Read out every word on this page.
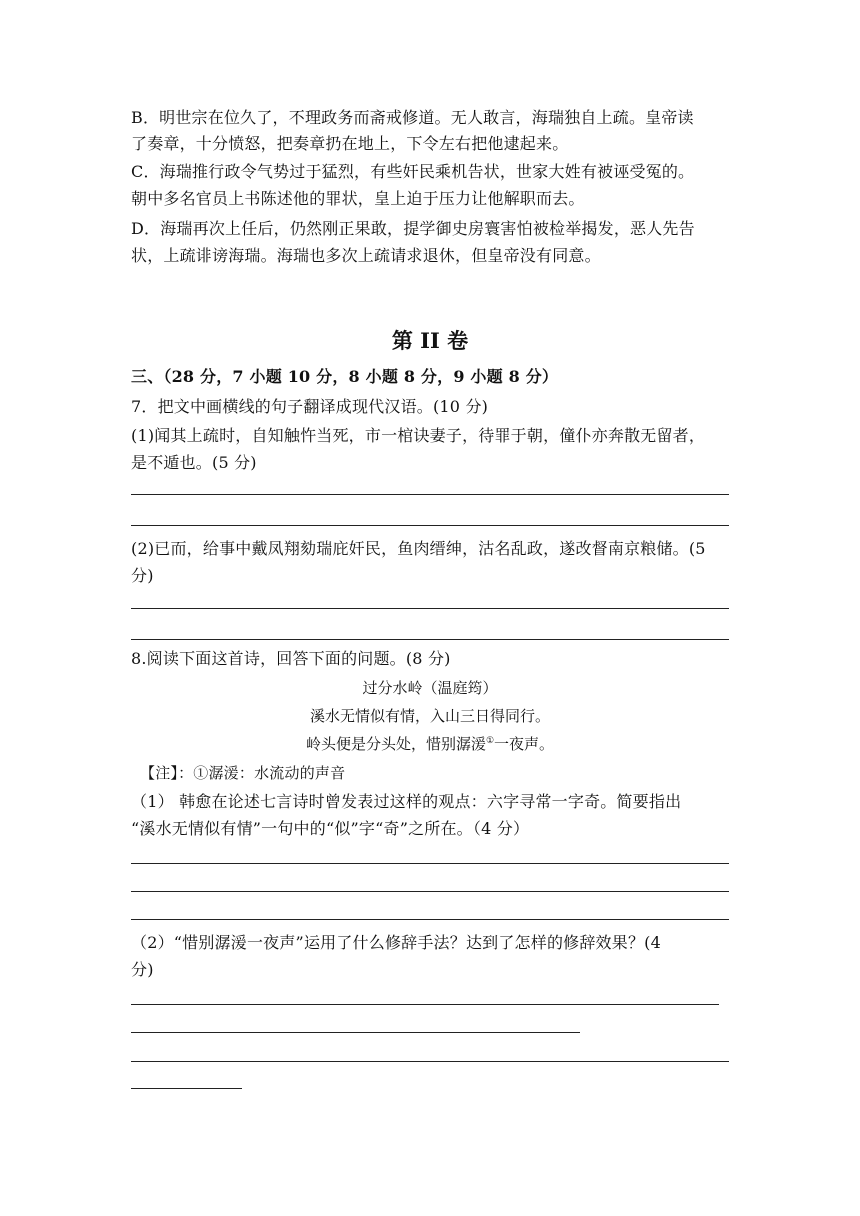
B．明世宗在位久了，不理政务而斋戒修道。无人敢言，海瑞独自上疏。皇帝读
了奏章，十分愤怒，把奏章扔在地上，下令左右把他逮起来。
C．海瑞推行政令气势过于猛烈，有些奸民乘机告状，世家大姓有被诬受冤的。
朝中多名官员上书陈述他的罪状，皇上迫于压力让他解职而去。
D．海瑞再次上任后，仍然刚正果敢，提学御史房寰害怕被检举揭发，恶人先告
状，上疏诽谤海瑞。海瑞也多次上疏请求退休，但皇帝没有同意。
第 II 卷
三、（28 分，7 小题 10 分，8 小题 8 分，9 小题 8 分）
7．把文中画横线的句子翻译成现代汉语。(10 分)
(1)闻其上疏时，自知触忤当死，市一棺诀妻子，待罪于朝，僮仆亦奔散无留者，
是不遁也。(5 分)
(2)已而，给事中戴凤翔劾瑞庇奸民，鱼肉缙绅，沽名乱政，遂改督南京粮储。(5
分)
8.阅读下面这首诗，回答下面的问题。(8 分)
过分水岭（温庭筠）
溪水无情似有情，入山三日得同行。
岭头便是分头处，惜别潺湲①一夜声。
【注】：①潺湲：水流动的声音
（1） 韩愈在论述七言诗时曾发表过这样的观点：六字寻常一字奇。简要指出
“溪水无情似有情”一句中的“似”字“奇”之所在。（4 分）
（2）“惜别潺湲一夜声”运用了什么修辞手法？达到了怎样的修辞效果？(4
分)
